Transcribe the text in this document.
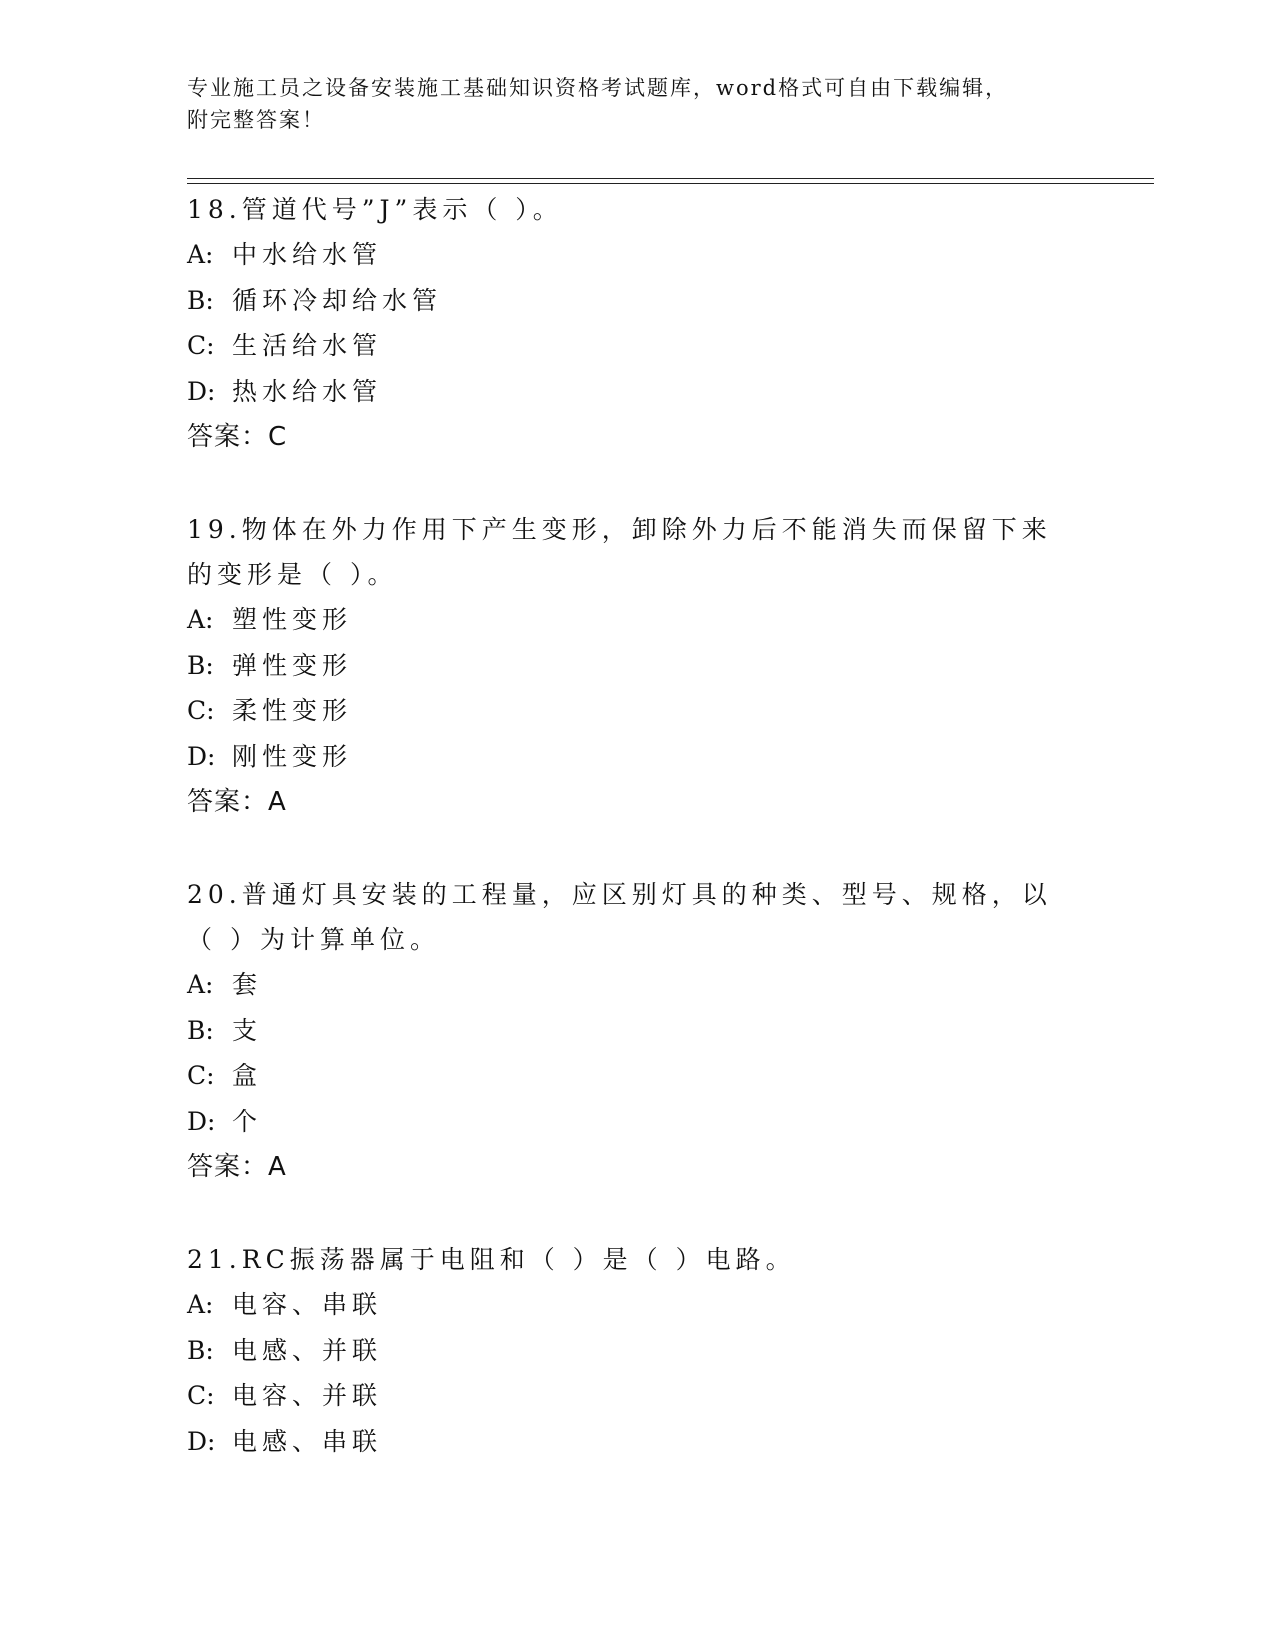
专业施工员之设备安装施工基础知识资格考试题库，word格式可自由下载编辑，
附完整答案！

18.管道代号”J”表示（ ）。

A: 中水给水管

B: 循环冷却给水管

C: 生活给水管

D: 热水给水管

答案：C

19.物体在外力作用下产生变形，卸除外力后不能消失而保留下来的变形是（ ）。

A: 塑性变形

B: 弹性变形

C: 柔性变形

D: 刚性变形

答案：A

20.普通灯具安装的工程量，应区别灯具的种类、型号、规格，以（ ）为计算单位。

A: 套

B: 支

C: 盒

D: 个

答案：A

21.RC振荡器属于电阻和（ ）是（ ）电路。

A: 电容、串联

B: 电感、并联

C: 电容、并联

D: 电感、串联
